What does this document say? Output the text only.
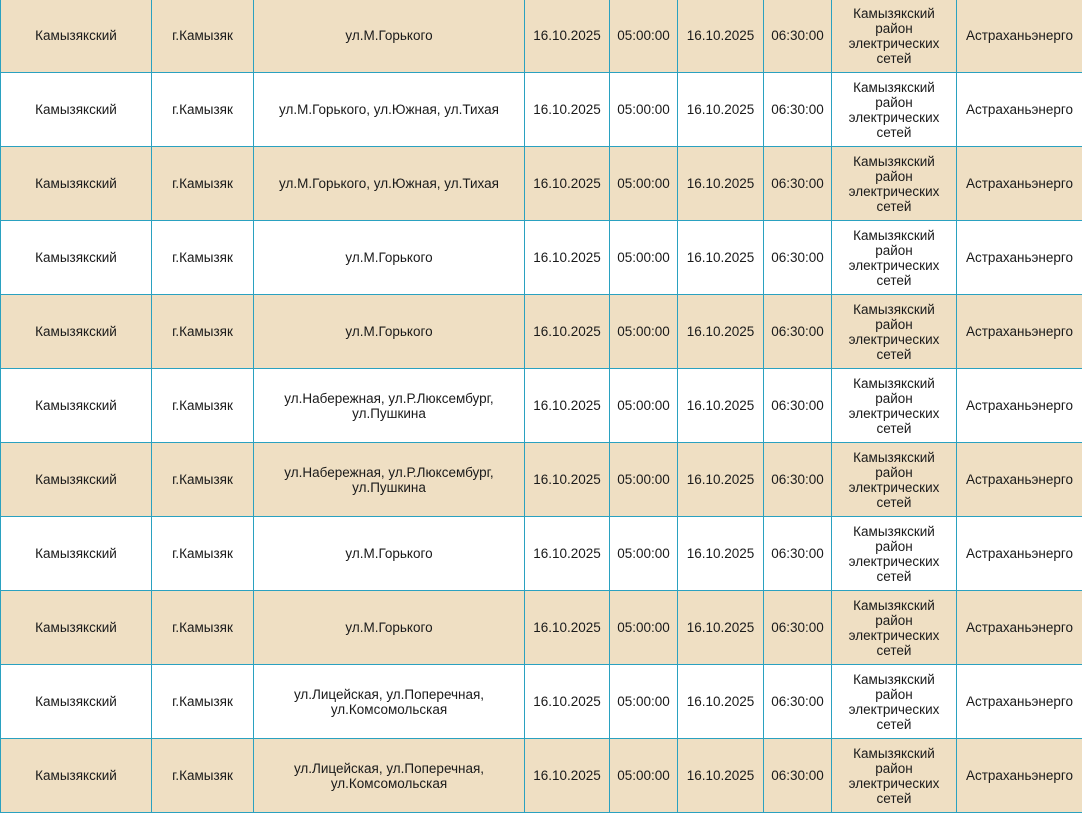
Камызякский	г.Камызяк	ул.М.Горького	16.10.2025	05:00:00	16.10.2025	06:30:00	Камызякский район электрических сетей	Астраханьэнерго
Камызякский	г.Камызяк	ул.М.Горького, ул.Южная, ул.Тихая	16.10.2025	05:00:00	16.10.2025	06:30:00	Камызякский район электрических сетей	Астраханьэнерго
Камызякский	г.Камызяк	ул.М.Горького, ул.Южная, ул.Тихая	16.10.2025	05:00:00	16.10.2025	06:30:00	Камызякский район электрических сетей	Астраханьэнерго
Камызякский	г.Камызяк	ул.М.Горького	16.10.2025	05:00:00	16.10.2025	06:30:00	Камызякский район электрических сетей	Астраханьэнерго
Камызякский	г.Камызяк	ул.М.Горького	16.10.2025	05:00:00	16.10.2025	06:30:00	Камызякский район электрических сетей	Астраханьэнерго
Камызякский	г.Камызяк	ул.Набережная, ул.Р.Люксембург, ул.Пушкина	16.10.2025	05:00:00	16.10.2025	06:30:00	Камызякский район электрических сетей	Астраханьэнерго
Камызякский	г.Камызяк	ул.Набережная, ул.Р.Люксембург, ул.Пушкина	16.10.2025	05:00:00	16.10.2025	06:30:00	Камызякский район электрических сетей	Астраханьэнерго
Камызякский	г.Камызяк	ул.М.Горького	16.10.2025	05:00:00	16.10.2025	06:30:00	Камызякский район электрических сетей	Астраханьэнерго
Камызякский	г.Камызяк	ул.М.Горького	16.10.2025	05:00:00	16.10.2025	06:30:00	Камызякский район электрических сетей	Астраханьэнерго
Камызякский	г.Камызяк	ул.Лицейская, ул.Поперечная, ул.Комсомольская	16.10.2025	05:00:00	16.10.2025	06:30:00	Камызякский район электрических сетей	Астраханьэнерго
Камызякский	г.Камызяк	ул.Лицейская, ул.Поперечная, ул.Комсомольская	16.10.2025	05:00:00	16.10.2025	06:30:00	Камызякский район электрических сетей	Астраханьэнерго
